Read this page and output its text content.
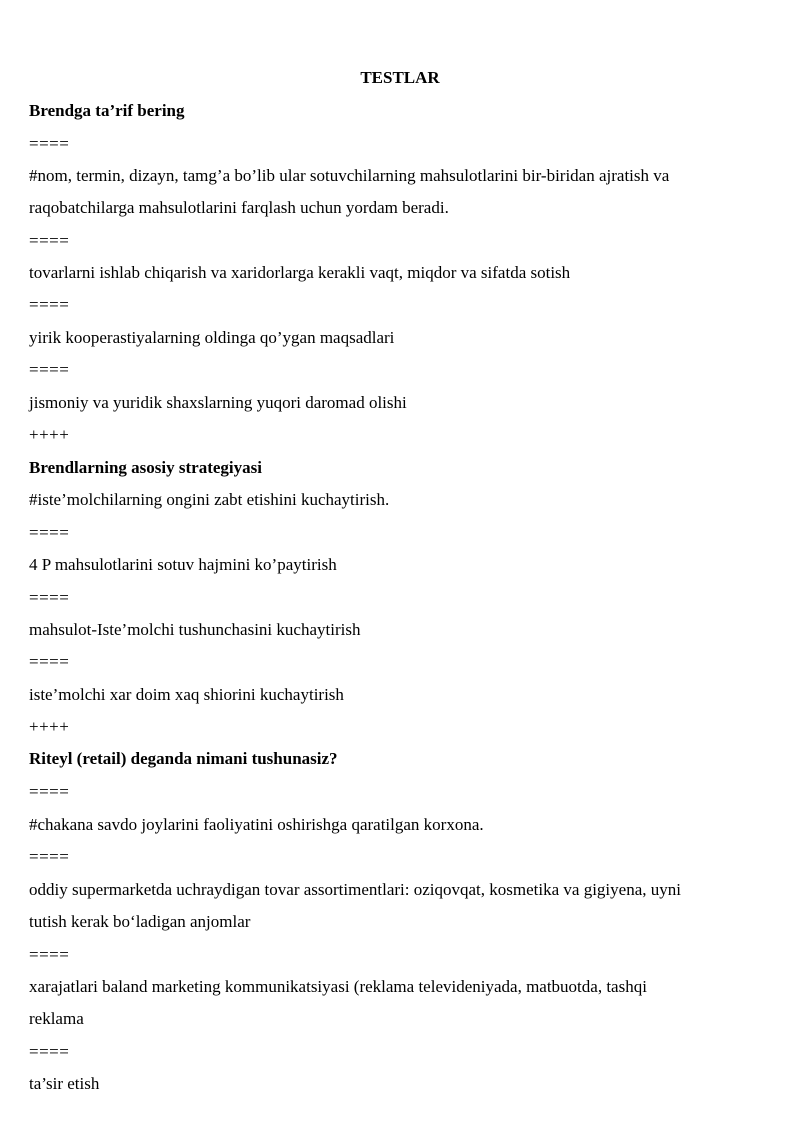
TESTLAR
Brendga ta’rif bering
====
#nom, termin, dizayn, tamg’a bo’lib ular sotuvchilarning mahsulotlarini bir-biridan ajratish va
raqobatchilarga mahsulotlarini farqlash uchun yordam beradi.
====
tovarlarni ishlab chiqarish va xaridorlarga kerakli vaqt, miqdor va sifatda sotish
====
yirik kooperastiyalarning oldinga qo’ygan maqsadlari
====
jismoniy va yuridik shaxslarning yuqori daromad olishi
++++
Brendlarning asosiy strategiyasi
#iste’molchilarning ongini zabt etishini kuchaytirish.
====
4 P mahsulotlarini sotuv hajmini ko’paytirish
====
mahsulot-Iste’molchi tushunchasini kuchaytirish
====
iste’molchi xar doim xaq shiorini kuchaytirish
++++
Riteyl (retail) deganda nimani tushunasiz?
====
#chakana savdo joylarini faoliyatini oshirishga qaratilgan korxona.
====
oddiy supermarketda uchraydigan tovar assortimentlari: oziqovqat, kosmetika va gigiyena, uyni
tutish kerak bo‘ladigan anjomlar
====
xarajatlari baland marketing kommunikatsiyasi (reklama televideniyada, matbuotda, tashqi
reklama
====
ta’sir etish
